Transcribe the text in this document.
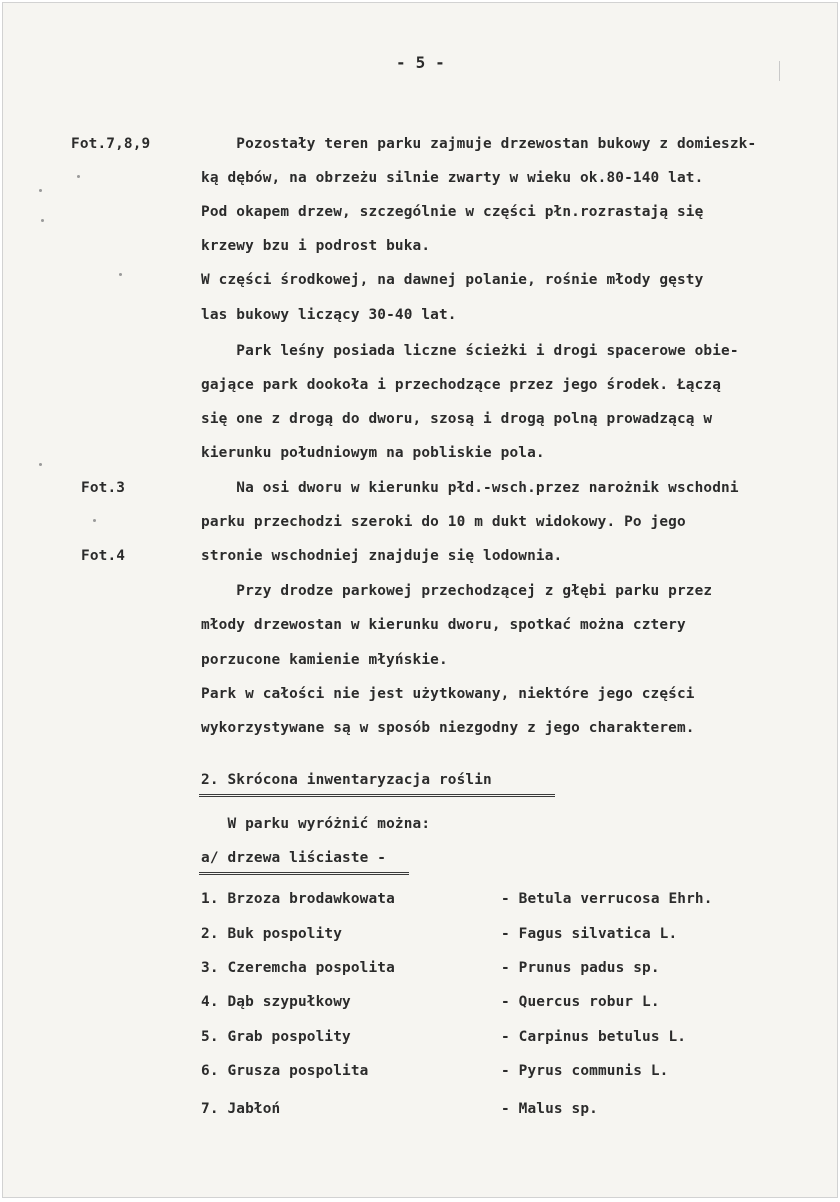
- 5 -
Fot.7,8,9
Fot.3
Fot.4
Pozostały teren parku zajmuje drzewostan bukowy z domieszk-
ką dębów, na obrzeżu silnie zwarty w wieku ok.80-140 lat.
Pod okapem drzew, szczególnie w części płn.rozrastają się
krzewy bzu i podrost buka.
W części środkowej, na dawnej polanie, rośnie młody gęsty
las bukowy liczący 30-40 lat.
Park leśny posiada liczne ścieżki i drogi spacerowe obie-
gające park dookoła i przechodzące przez jego środek. Łączą
się one z drogą do dworu, szosą i drogą polną prowadzącą w
kierunku południowym na pobliskie pola.
Na osi dworu w kierunku płd.-wsch.przez narożnik wschodni
parku przechodzi szeroki do 10 m dukt widokowy. Po jego
stronie wschodniej znajduje się lodownia.
Przy drodze parkowej przechodzącej z głębi parku przez
młody drzewostan w kierunku dworu, spotkać można cztery
porzucone kamienie młyńskie.
Park w całości nie jest użytkowany, niektóre jego części
wykorzystywane są w sposób niezgodny z jego charakterem.
2. Skrócona inwentaryzacja roślin
W parku wyróżnić można:
a/ drzewa liściaste -
1. Brzoza brodawkowata	- Betula verrucosa Ehrh.
2. Buk pospolity	- Fagus silvatica L.
3. Czeremcha pospolita	- Prunus padus sp.
4. Dąb szypułkowy	- Quercus robur L.
5. Grab pospolity	- Carpinus betulus L.
6. Grusza pospolita	- Pyrus communis L.
7. Jabłoń	- Malus sp.
